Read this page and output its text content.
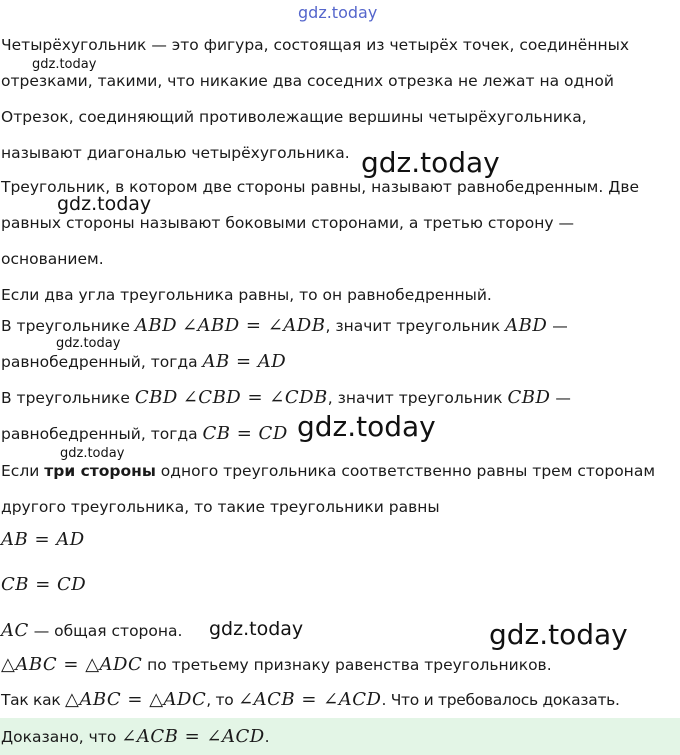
gdz.today
gdz.today
gdz.today
gdz.today
gdz.today
gdz.today
gdz.today
gdz.today	gdz.today
Четырёхугольник — это фигура, состоящая из четырёх точек, соединённых
отрезками, такими, что никакие два соседних отрезка не лежат на одной
Отрезок, соединяющий противолежащие вершины четырёхугольника,
называют диагональю четырёхугольника.
Треугольник, в котором две стороны равны, называют равнобедренным. Две
равных стороны называют боковыми сторонами, а третью сторону —
основанием.
Если два угла треугольника равны, то он равнобедренный.
В треугольнике ABD ∠ABD = ∠ADB, значит треугольник ABD —
равнобедренный, тогда AB = AD
В треугольнике CBD ∠CBD = ∠CDB, значит треугольник CBD —
равнобедренный, тогда CB = CD
Если три стороны одного треугольника соответственно равны трем сторонам
другого треугольника, то такие треугольники равны
AB = AD
CB = CD
AC — общая сторона.
△ABC = △ADC по третьему признаку равенства треугольников.
Так как △ABC = △ADC, то ∠ACB = ∠ACD. Что и требовалось доказать.
Доказано, что ∠ACB = ∠ACD.
